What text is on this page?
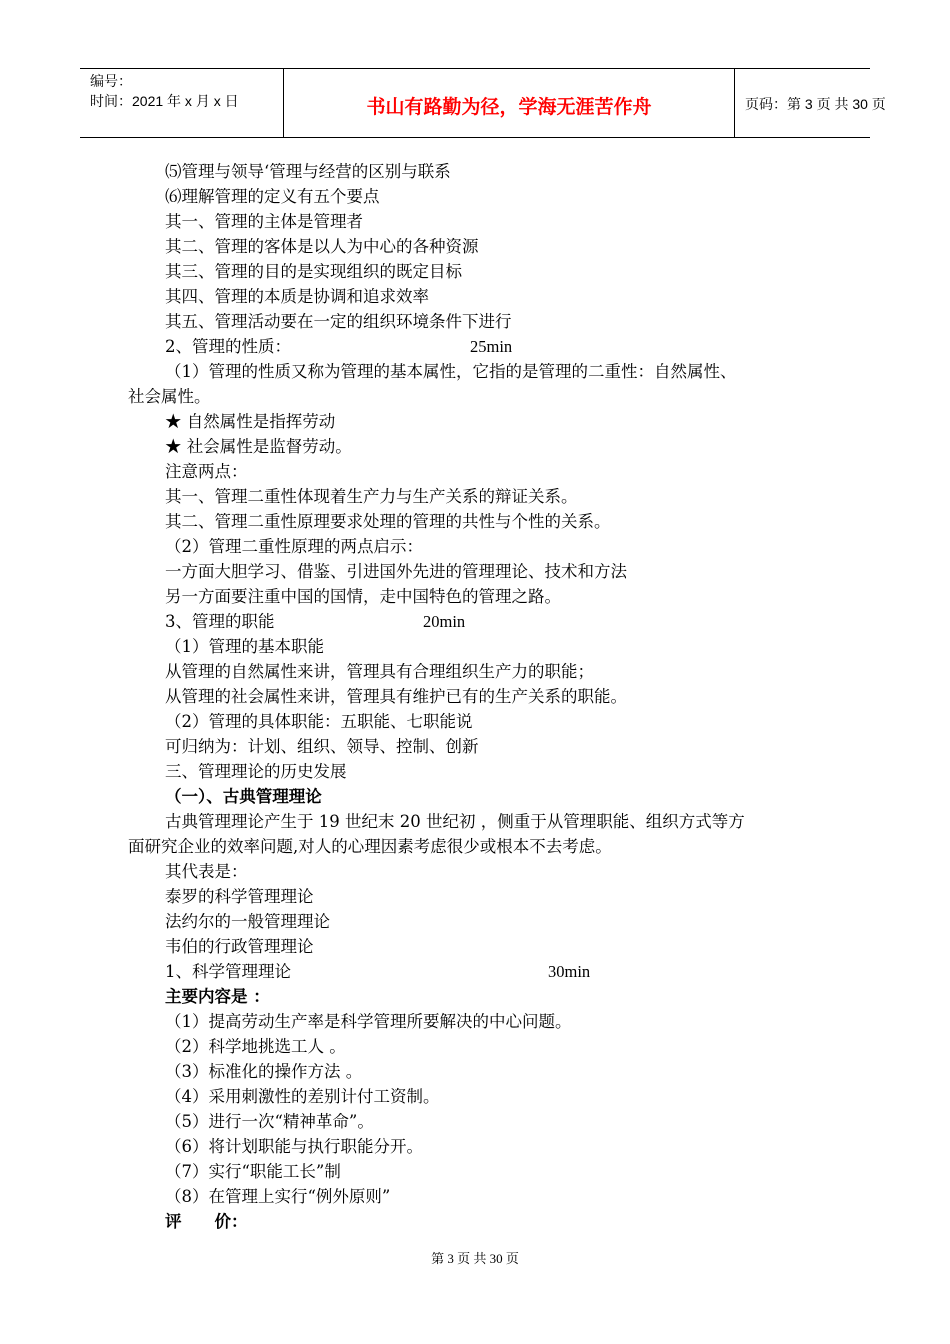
编号：
时间：2021 年 x 月 x 日	书山有路勤为径，学海无涯苦作舟	页码：第 3 页 共 30 页
⑸管理与领导‘管理与经营的区别与联系
⑹理解管理的定义有五个要点
其一、管理的主体是管理者
其二、管理的客体是以人为中心的各种资源
其三、管理的目的是实现组织的既定目标
其四、管理的本质是协调和追求效率
其五、管理活动要在一定的组织环境条件下进行
2、管理的性质：	25min
（1）管理的性质又称为管理的基本属性，它指的是管理的二重性：自然属性、
社会属性。
★ 自然属性是指挥劳动
★ 社会属性是监督劳动。
注意两点：
其一、管理二重性体现着生产力与生产关系的辩证关系。
其二、管理二重性原理要求处理的管理的共性与个性的关系。
（2）管理二重性原理的两点启示：
一方面大胆学习、借鉴、引进国外先进的管理理论、技术和方法
另一方面要注重中国的国情，走中国特色的管理之路。
3、管理的职能	20min
（1）管理的基本职能
从管理的自然属性来讲，管理具有合理组织生产力的职能；
从管理的社会属性来讲，管理具有维护已有的生产关系的职能。
（2）管理的具体职能：五职能、七职能说
可归纳为：计划、组织、领导、控制、创新
三、管理理论的历史发展
（一）、古典管理理论
古典管理理论产生于 19 世纪末 20 世纪初 ，侧重于从管理职能、组织方式等方
面研究企业的效率问题,对人的心理因素考虑很少或根本不去考虑。
其代表是：
泰罗的科学管理理论
法约尔的一般管理理论
韦伯的行政管理理论
1、科学管理理论	30min
主要内容是 ：
（1）提高劳动生产率是科学管理所要解决的中心问题。
（2）科学地挑选工人 。
（3）标准化的操作方法 。
（4）采用刺激性的差别计付工资制。
（5）进行一次“精神革命”。
（6）将计划职能与执行职能分开。
（7）实行“职能工长”制
（8）在管理上实行“例外原则”
评　　价：
第 3 页 共 30 页
